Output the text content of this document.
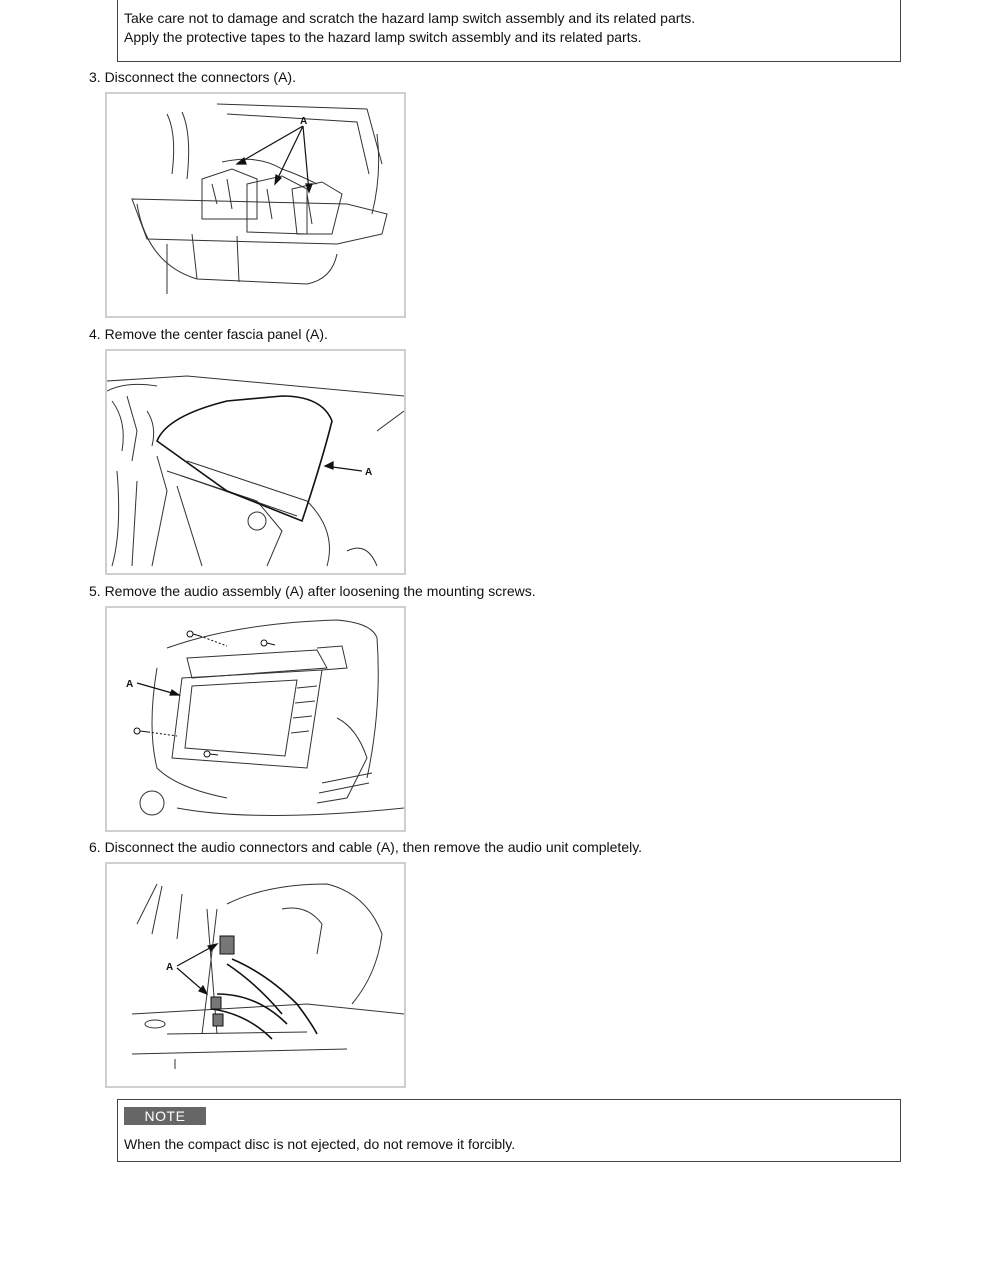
Take care not to damage and scratch the hazard lamp switch assembly and its related parts.
Apply the protective tapes to the hazard lamp switch assembly and its related parts.
3. Disconnect the connectors (A).
A
4. Remove the center fascia panel (A).
A
5. Remove the audio assembly (A) after loosening the mounting screws.
A
6. Disconnect the audio connectors and cable (A), then remove the audio unit completely.
A
NOTE
When the compact disc is not ejected, do not remove it forcibly.
